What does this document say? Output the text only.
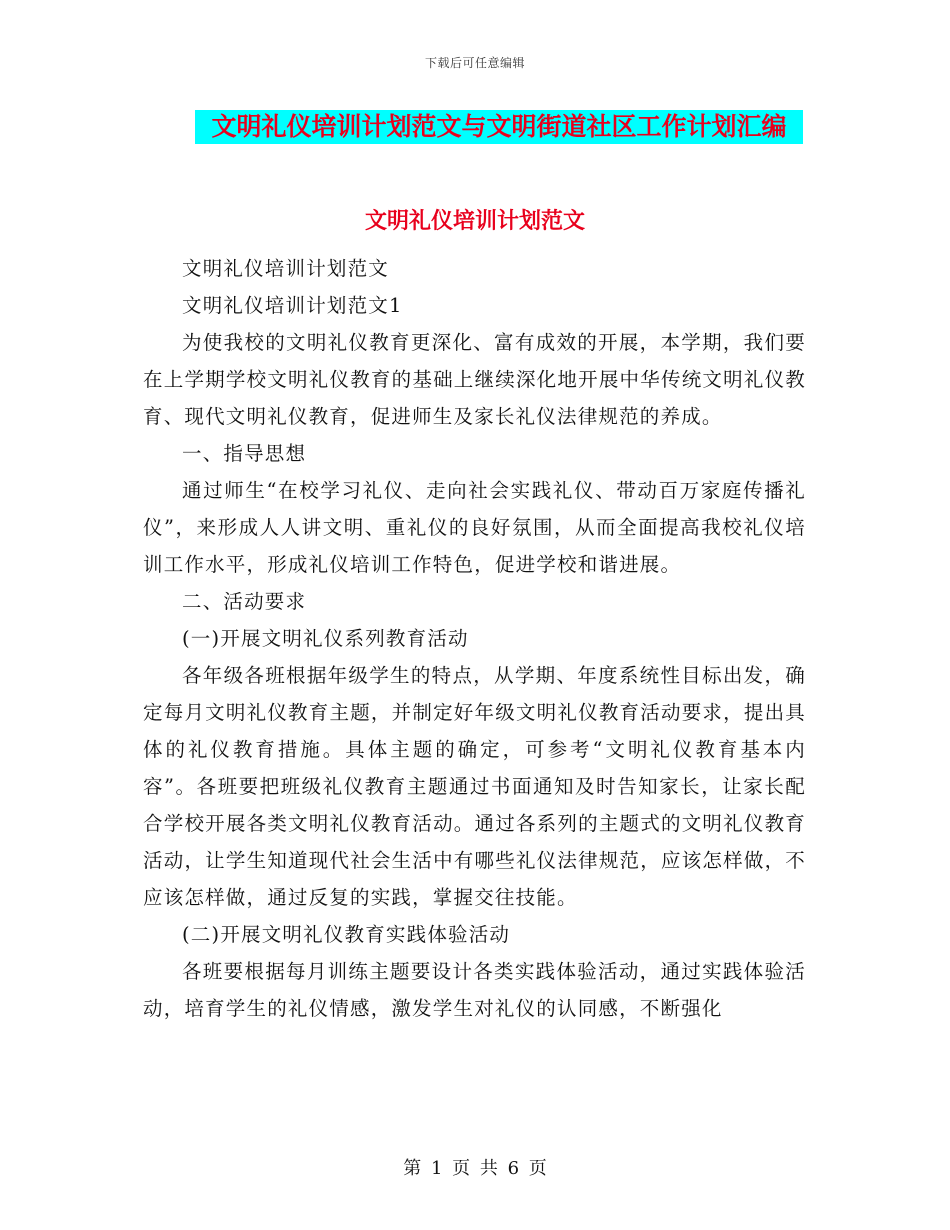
下载后可任意编辑
文明礼仪培训计划范文与文明街道社区工作计划汇编
文明礼仪培训计划范文

文明礼仪培训计划范文

文明礼仪培训计划范文1

为使我校的文明礼仪教育更深化、富有成效的开展，本学期，我们要在上学期学校文明礼仪教育的基础上继续深化地开展中华传统文明礼仪教育、现代文明礼仪教育，促进师生及家长礼仪法律规范的养成。

一、指导思想

通过师生“在校学习礼仪、走向社会实践礼仪、带动百万家庭传播礼仪”，来形成人人讲文明、重礼仪的良好氛围，从而全面提高我校礼仪培训工作水平，形成礼仪培训工作特色，促进学校和谐进展。

二、活动要求

(一)开展文明礼仪系列教育活动

各年级各班根据年级学生的特点，从学期、年度系统性目标出发，确定每月文明礼仪教育主题，并制定好年级文明礼仪教育活动要求，提出具体的礼仪教育措施。具体主题的确定，可参考“文明礼仪教育基本内容”。各班要把班级礼仪教育主题通过书面通知及时告知家长，让家长配合学校开展各类文明礼仪教育活动。通过各系列的主题式的文明礼仪教育活动，让学生知道现代社会生活中有哪些礼仪法律规范，应该怎样做，不应该怎样做，通过反复的实践，掌握交往技能。

(二)开展文明礼仪教育实践体验活动

各班要根据每月训练主题要设计各类实践体验活动，通过实践体验活动，培育学生的礼仪情感，激发学生对礼仪的认同感，不断强化

第 1 页 共 6 页
